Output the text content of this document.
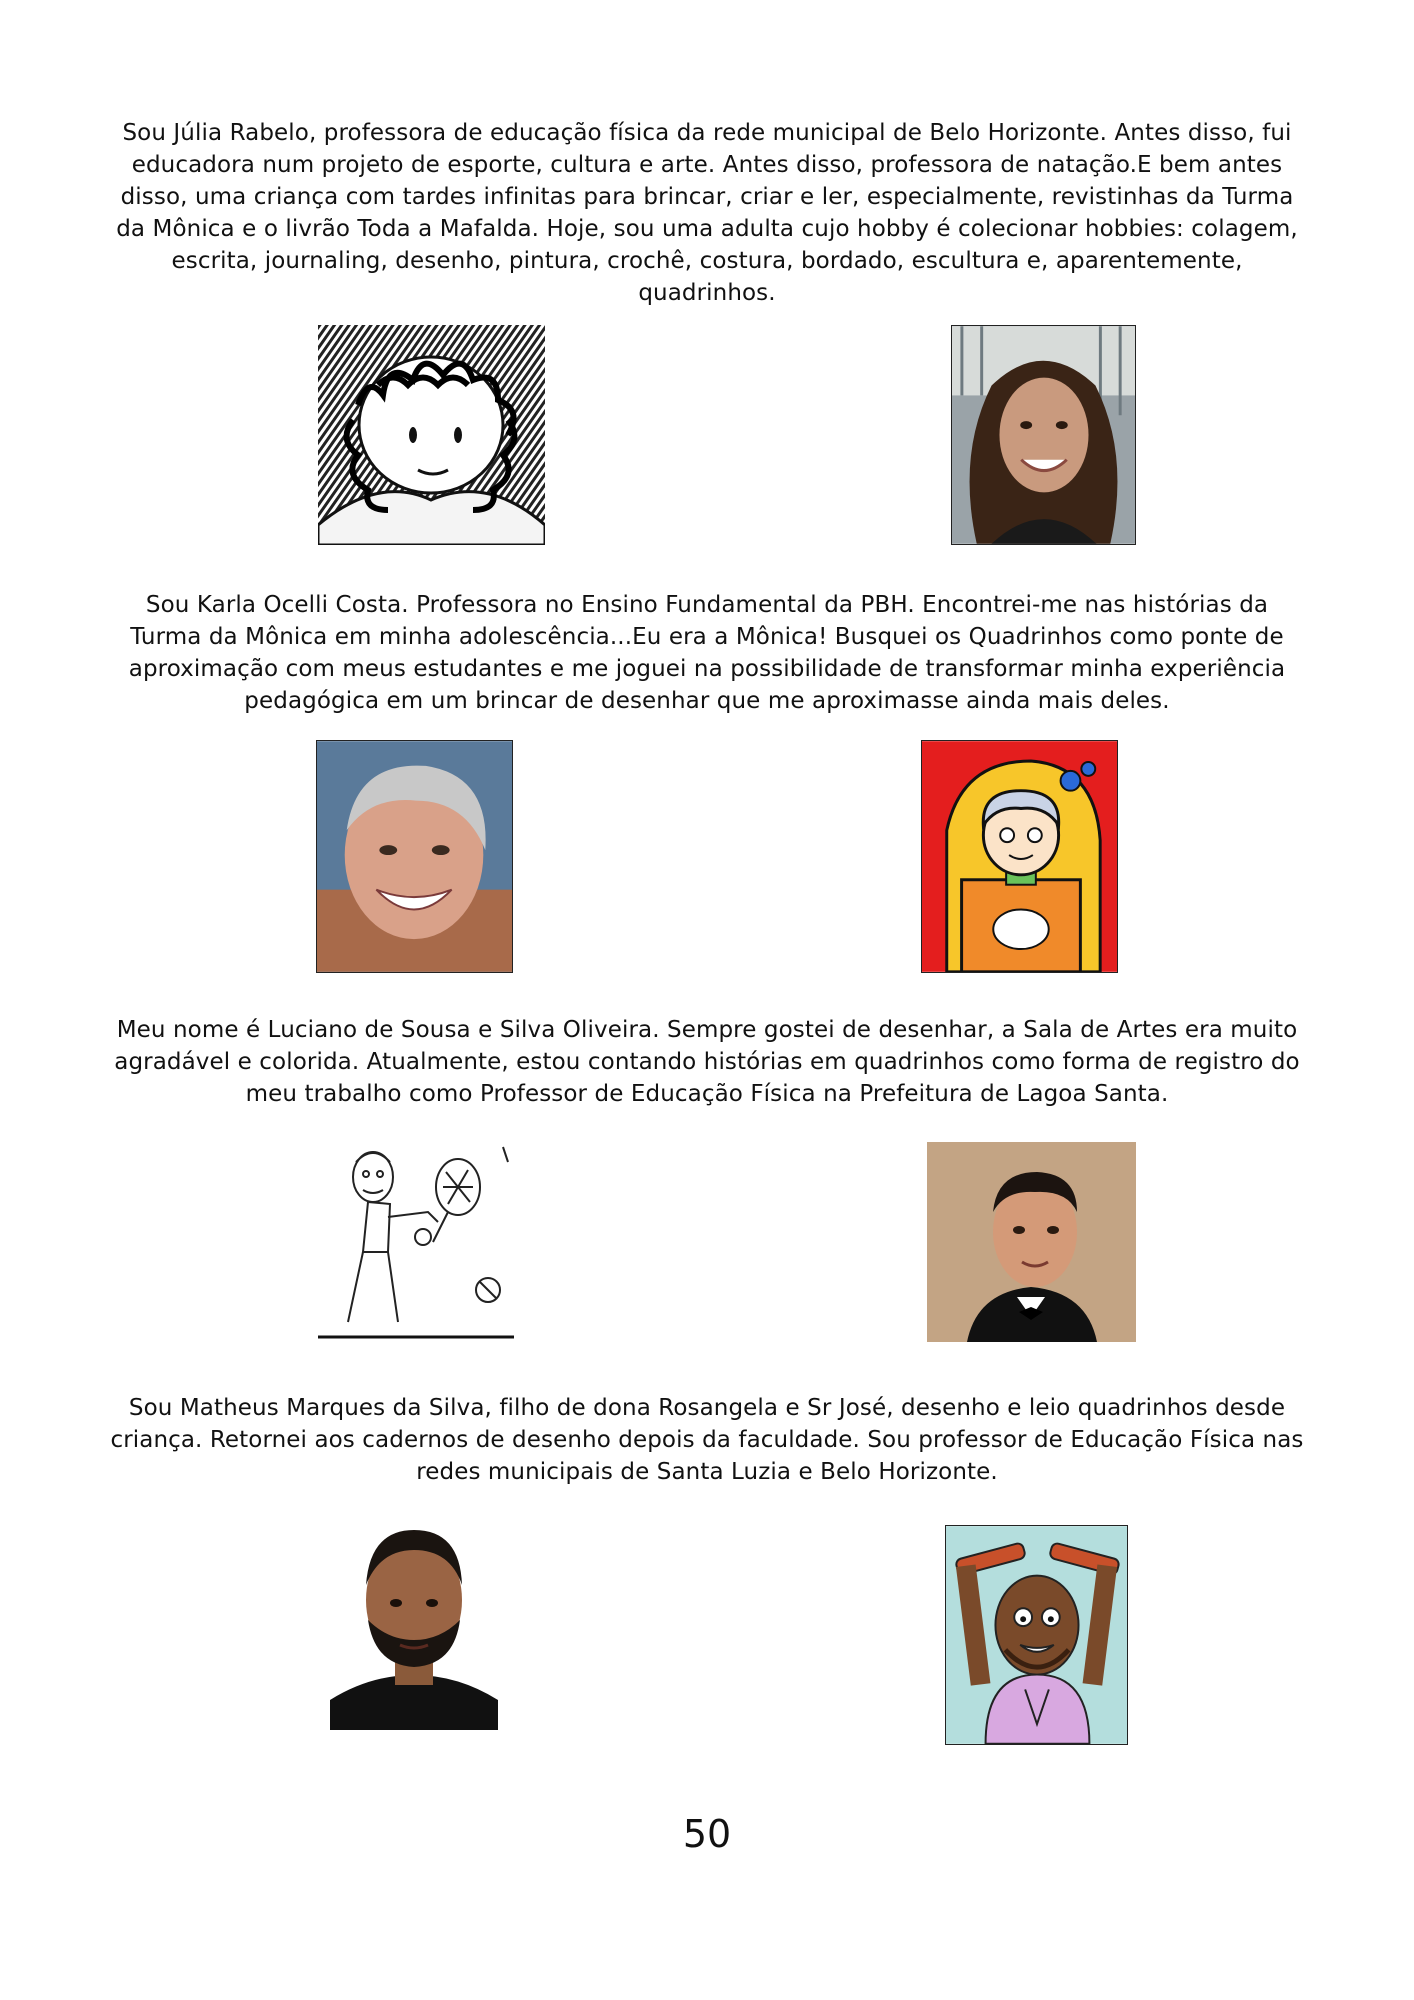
Sou Júlia Rabelo, professora de educação física da rede municipal de Belo Horizonte. Antes disso, fui educadora num projeto de esporte, cultura e arte. Antes disso, professora de natação.E bem antes disso, uma criança com tardes infinitas para brincar, criar e ler, especialmente, revistinhas da Turma da Mônica e o livrão Toda a Mafalda. Hoje, sou uma adulta cujo hobby é colecionar hobbies: colagem, escrita, journaling, desenho, pintura, crochê, costura, bordado, escultura e, aparentemente, quadrinhos.

Sou Karla Ocelli Costa. Professora no Ensino Fundamental da PBH. Encontrei-me nas histórias da Turma da Mônica em minha adolescência...Eu era a Mônica! Busquei os Quadrinhos como ponte de aproximação com meus estudantes e me joguei na possibilidade de transformar minha experiência pedagógica em um brincar de desenhar que me aproximasse ainda mais deles.

Meu nome é Luciano de Sousa e Silva Oliveira. Sempre gostei de desenhar, a Sala de Artes era muito agradável e colorida. Atualmente, estou contando histórias em quadrinhos como forma de registro do meu trabalho como Professor de Educação Física na Prefeitura de Lagoa Santa.

Sou Matheus Marques da Silva, filho de dona Rosangela e Sr José, desenho e leio quadrinhos desde criança. Retornei aos cadernos de desenho depois da faculdade. Sou professor de Educação Física nas redes municipais de Santa Luzia e Belo Horizonte.

50
